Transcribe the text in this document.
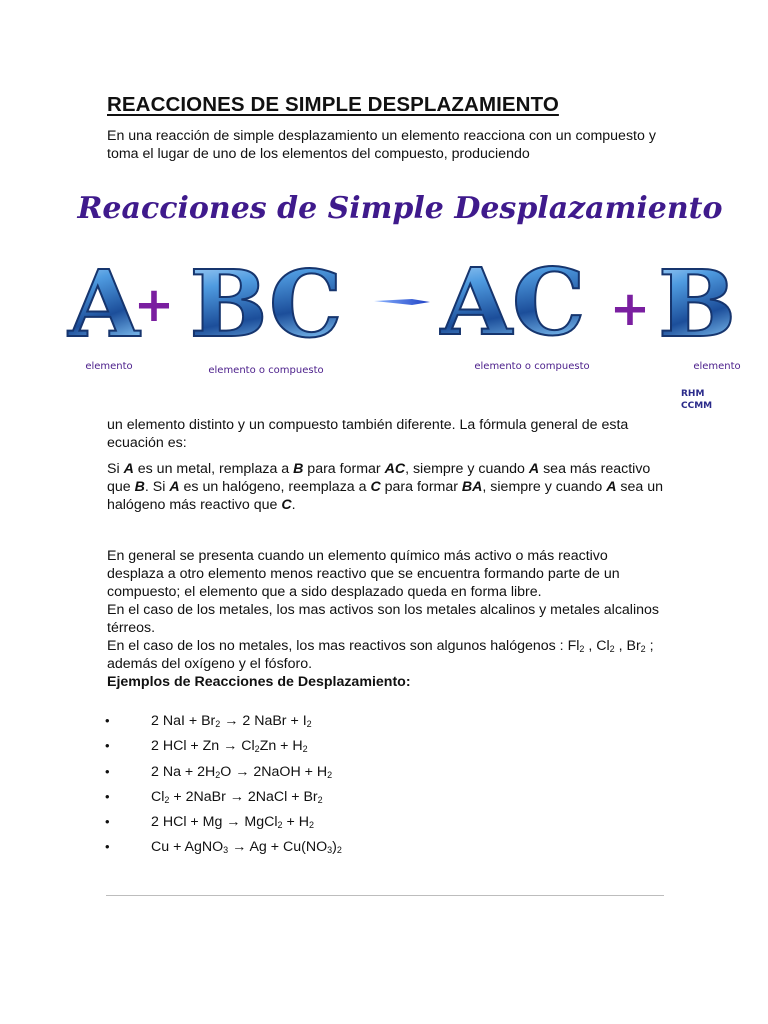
REACCIONES DE SIMPLE DESPLAZAMIENTO
En una reacción de simple desplazamiento un elemento reacciona con un compuesto y toma el lugar de uno de los elementos del compuesto, produciendo
Reacciones de Simple Desplazamiento
A
+ BC AC + B
elemento	elemento o compuesto	elemento o compuesto	elemento
RHM
CCMM
un elemento distinto y un compuesto también diferente. La fórmula general de esta ecuación es:
Si A es un metal, remplaza a B para formar AC, siempre y cuando A sea más reactivo que B. Si A es un halógeno, reemplaza a C para formar BA, siempre y cuando A sea un halógeno más reactivo que C.
En general se presenta cuando un elemento químico más activo o más reactivo desplaza a otro elemento menos reactivo que se encuentra formando parte de un compuesto; el elemento que a sido desplazado queda en forma libre.
En el caso de los metales, los mas activos son los metales alcalinos y metales alcalinos térreos.
En el caso de los no metales, los mas reactivos son algunos halógenos : $Fl_2$ , $Cl_2$ , $Br_2$ ; además del oxígeno y el fósforo.
Ejemplos de Reacciones de Desplazamiento:
•	2 NaI + $Br_2 \to 2$ NaBr + $I_2$
•	2 HCl + $Zn \to Cl_2Zn + H_2$
•	2 $Na + 2H_2O$ → 2NaOH + $H_2$
•	$Cl_2$ + 2NaBr → 2NaCl + $Br_2$
•	2 HCl + Mg → MgCl$_2$ + $H_2$
•	Cu + AgNO$_3$ → $Ag + Cu(NO_3)_2$
